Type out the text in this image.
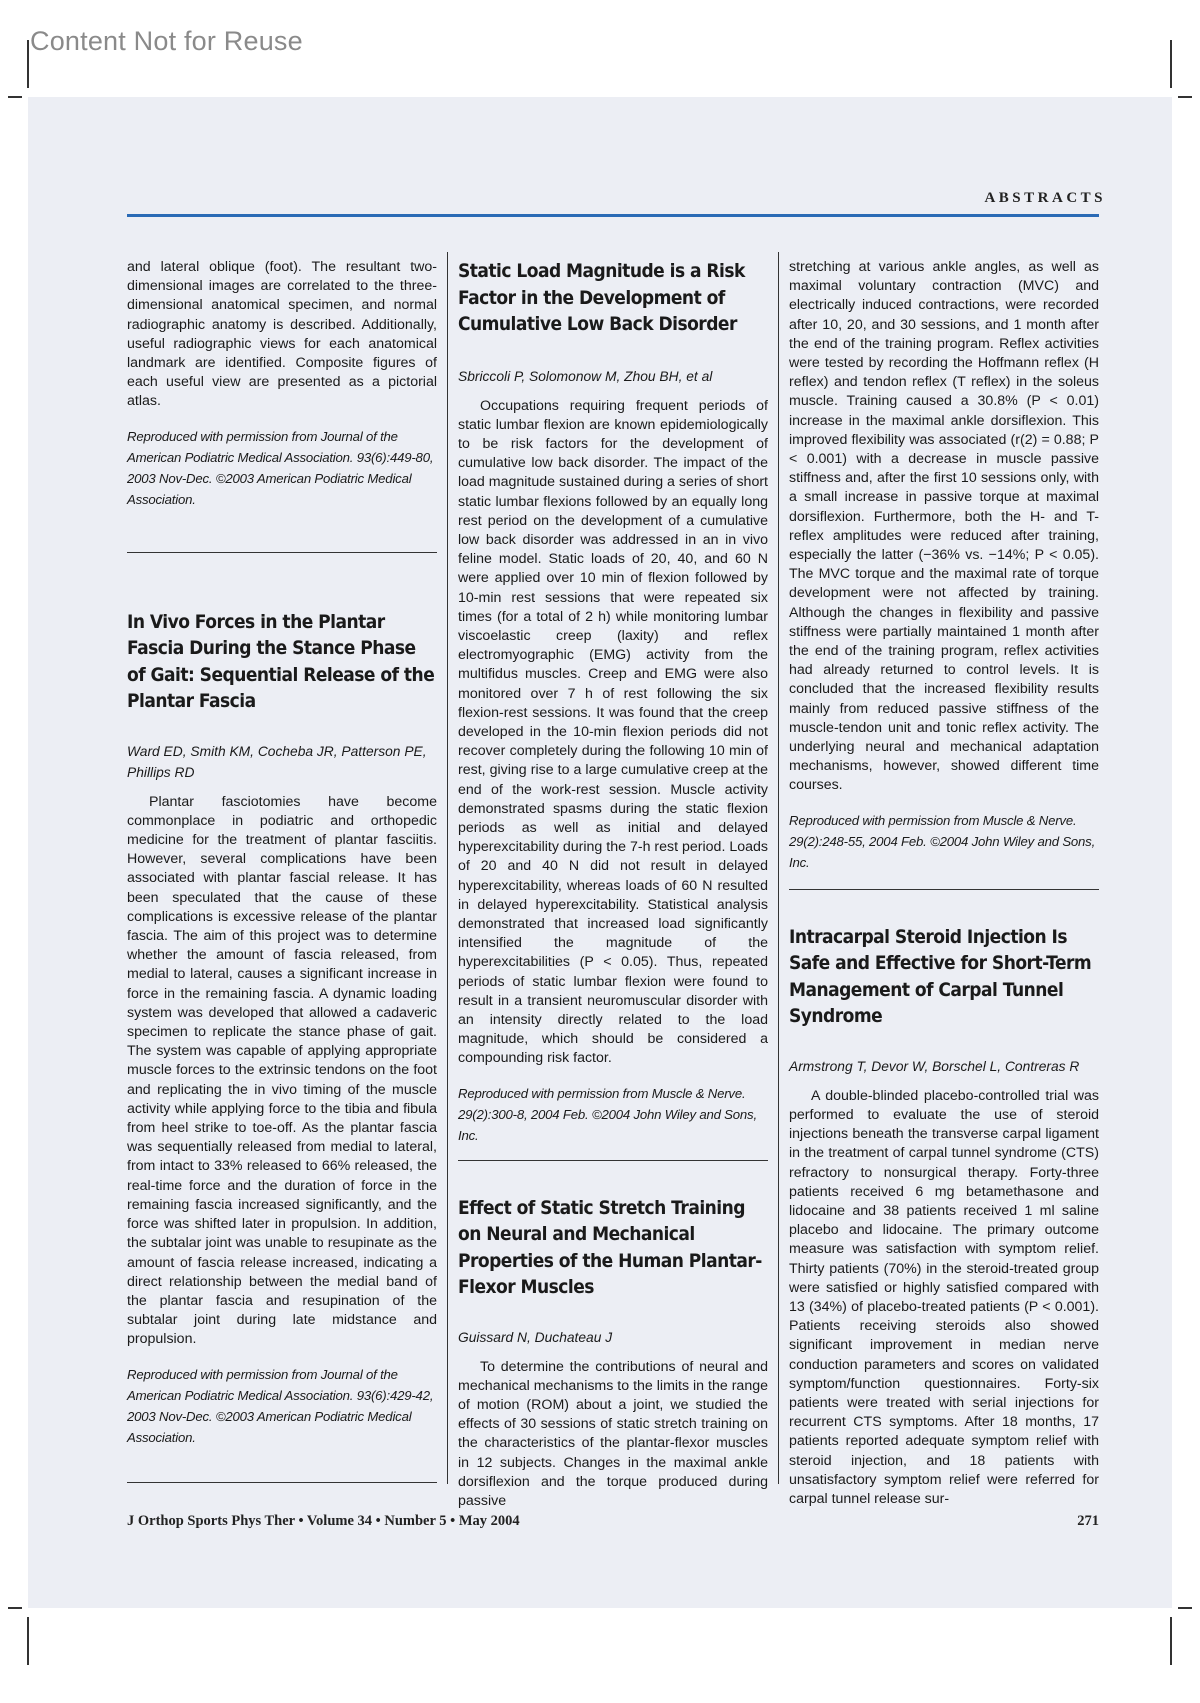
Content Not for Reuse
ABSTRACTS

and lateral oblique (foot). The resultant two-dimensional images are correlated to the three-dimensional anatomical specimen, and normal radiographic anatomy is described. Additionally, useful radiographic views for each anatomical landmark are identified. Composite figures of each useful view are presented as a pictorial atlas.

Reproduced with permission from Journal of the American Podiatric Medical Association. 93(6):449-80, 2003 Nov-Dec. ©2003 American Podiatric Medical Association.

In Vivo Forces in the Plantar Fascia During the Stance Phase of Gait: Sequential Release of the Plantar Fascia

Ward ED, Smith KM, Cocheba JR, Patterson PE, Phillips RD

Plantar fasciotomies have become commonplace in podiatric and orthopedic medicine for the treatment of plantar fasciitis. However, several complications have been associated with plantar fascial release. It has been speculated that the cause of these complications is excessive release of the plantar fascia. The aim of this project was to determine whether the amount of fascia released, from medial to lateral, causes a significant increase in force in the remaining fascia. A dynamic loading system was developed that allowed a cadaveric specimen to replicate the stance phase of gait. The system was capable of applying appropriate muscle forces to the extrinsic tendons on the foot and replicating the in vivo timing of the muscle activity while applying force to the tibia and fibula from heel strike to toe-off. As the plantar fascia was sequentially released from medial to lateral, from intact to 33% released to 66% released, the real-time force and the duration of force in the remaining fascia increased significantly, and the force was shifted later in propulsion. In addition, the subtalar joint was unable to resupinate as the amount of fascia release increased, indicating a direct relationship between the medial band of the plantar fascia and resupination of the subtalar joint during late midstance and propulsion.

Reproduced with permission from Journal of the American Podiatric Medical Association. 93(6):429-42, 2003 Nov-Dec. ©2003 American Podiatric Medical Association.

Static Load Magnitude is a Risk Factor in the Development of Cumulative Low Back Disorder

Sbriccoli P, Solomonow M, Zhou BH, et al

Occupations requiring frequent periods of static lumbar flexion are known epidemiologically to be risk factors for the development of cumulative low back disorder. The impact of the load magnitude sustained during a series of short static lumbar flexions followed by an equally long rest period on the development of a cumulative low back disorder was addressed in an in vivo feline model. Static loads of 20, 40, and 60 N were applied over 10 min of flexion followed by 10-min rest sessions that were repeated six times (for a total of 2 h) while monitoring lumbar viscoelastic creep (laxity) and reflex electromyographic (EMG) activity from the multifidus muscles. Creep and EMG were also monitored over 7 h of rest following the six flexion-rest sessions. It was found that the creep developed in the 10-min flexion periods did not recover completely during the following 10 min of rest, giving rise to a large cumulative creep at the end of the work-rest session. Muscle activity demonstrated spasms during the static flexion periods as well as initial and delayed hyperexcitability during the 7-h rest period. Loads of 20 and 40 N did not result in delayed hyperexcitability, whereas loads of 60 N resulted in delayed hyperexcitability. Statistical analysis demonstrated that increased load significantly intensified the magnitude of the hyperexcitabilities (P < 0.05). Thus, repeated periods of static lumbar flexion were found to result in a transient neuromuscular disorder with an intensity directly related to the load magnitude, which should be considered a compounding risk factor.

Reproduced with permission from Muscle & Nerve. 29(2):300-8, 2004 Feb. ©2004 John Wiley and Sons, Inc.

Effect of Static Stretch Training on Neural and Mechanical Properties of the Human Plantar-Flexor Muscles

Guissard N, Duchateau J

To determine the contributions of neural and mechanical mechanisms to the limits in the range of motion (ROM) about a joint, we studied the effects of 30 sessions of static stretch training on the characteristics of the plantar-flexor muscles in 12 subjects. Changes in the maximal ankle dorsiflexion and the torque produced during passive

stretching at various ankle angles, as well as maximal voluntary contraction (MVC) and electrically induced contractions, were recorded after 10, 20, and 30 sessions, and 1 month after the end of the training program. Reflex activities were tested by recording the Hoffmann reflex (H reflex) and tendon reflex (T reflex) in the soleus muscle. Training caused a 30.8% (P < 0.01) increase in the maximal ankle dorsiflexion. This improved flexibility was associated (r(2) = 0.88; P < 0.001) with a decrease in muscle passive stiffness and, after the first 10 sessions only, with a small increase in passive torque at maximal dorsiflexion. Furthermore, both the H- and T-reflex amplitudes were reduced after training, especially the latter (−36% vs. −14%; P < 0.05). The MVC torque and the maximal rate of torque development were not affected by training. Although the changes in flexibility and passive stiffness were partially maintained 1 month after the end of the training program, reflex activities had already returned to control levels. It is concluded that the increased flexibility results mainly from reduced passive stiffness of the muscle-tendon unit and tonic reflex activity. The underlying neural and mechanical adaptation mechanisms, however, showed different time courses.

Reproduced with permission from Muscle & Nerve. 29(2):248-55, 2004 Feb. ©2004 John Wiley and Sons, Inc.

Intracarpal Steroid Injection Is Safe and Effective for Short-Term Management of Carpal Tunnel Syndrome

Armstrong T, Devor W, Borschel L, Contreras R

A double-blinded placebo-controlled trial was performed to evaluate the use of steroid injections beneath the transverse carpal ligament in the treatment of carpal tunnel syndrome (CTS) refractory to nonsurgical therapy. Forty-three patients received 6 mg betamethasone and lidocaine and 38 patients received 1 ml saline placebo and lidocaine. The primary outcome measure was satisfaction with symptom relief. Thirty patients (70%) in the steroid-treated group were satisfied or highly satisfied compared with 13 (34%) of placebo-treated patients (P < 0.001). Patients receiving steroids also showed significant improvement in median nerve conduction parameters and scores on validated symptom/function questionnaires. Forty-six patients were treated with serial injections for recurrent CTS symptoms. After 18 months, 17 patients reported adequate symptom relief with steroid injection, and 18 patients with unsatisfactory symptom relief were referred for carpal tunnel release sur-

J Orthop Sports Phys Ther • Volume 34 • Number 5 • May 2004	271
